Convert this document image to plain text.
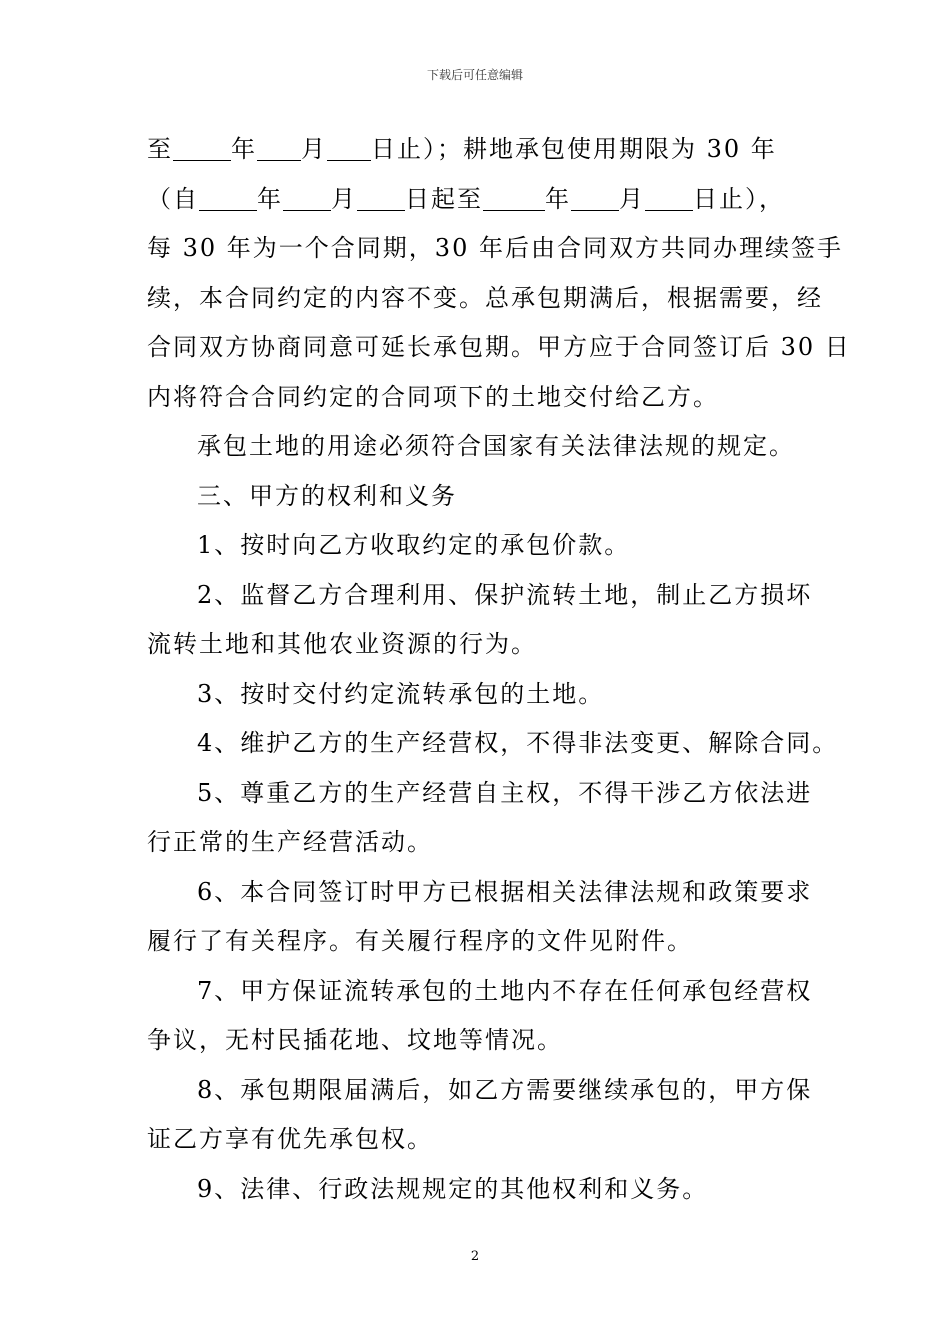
下载后可任意编辑
至 年 月 日止）；耕地承包使用期限为 30 年
（自 年 月 日起至	年 月 日止），
每 30 年为一个合同期，30 年后由合同双方共同办理续签手
续，本合同约定的内容不变。总承包期满后，根据需要，经
合同双方协商同意可延长承包期。甲方应于合同签订后 30 日
内将符合合同约定的合同项下的土地交付给乙方。
承包土地的用途必须符合国家有关法律法规的规定。
三、甲方的权利和义务
1、按时向乙方收取约定的承包价款。
2、监督乙方合理利用、保护流转土地，制止乙方损坏
流转土地和其他农业资源的行为。
3、按时交付约定流转承包的土地。
4、维护乙方的生产经营权，不得非法变更、解除合同。
5、尊重乙方的生产经营自主权，不得干涉乙方依法进
行正常的生产经营活动。
6、本合同签订时甲方已根据相关法律法规和政策要求
履行了有关程序。有关履行程序的文件见附件。
7、甲方保证流转承包的土地内不存在任何承包经营权
争议，无村民插花地、坟地等情况。
8、承包期限届满后，如乙方需要继续承包的，甲方保
证乙方享有优先承包权。
9、法律、行政法规规定的其他权利和义务。
2
